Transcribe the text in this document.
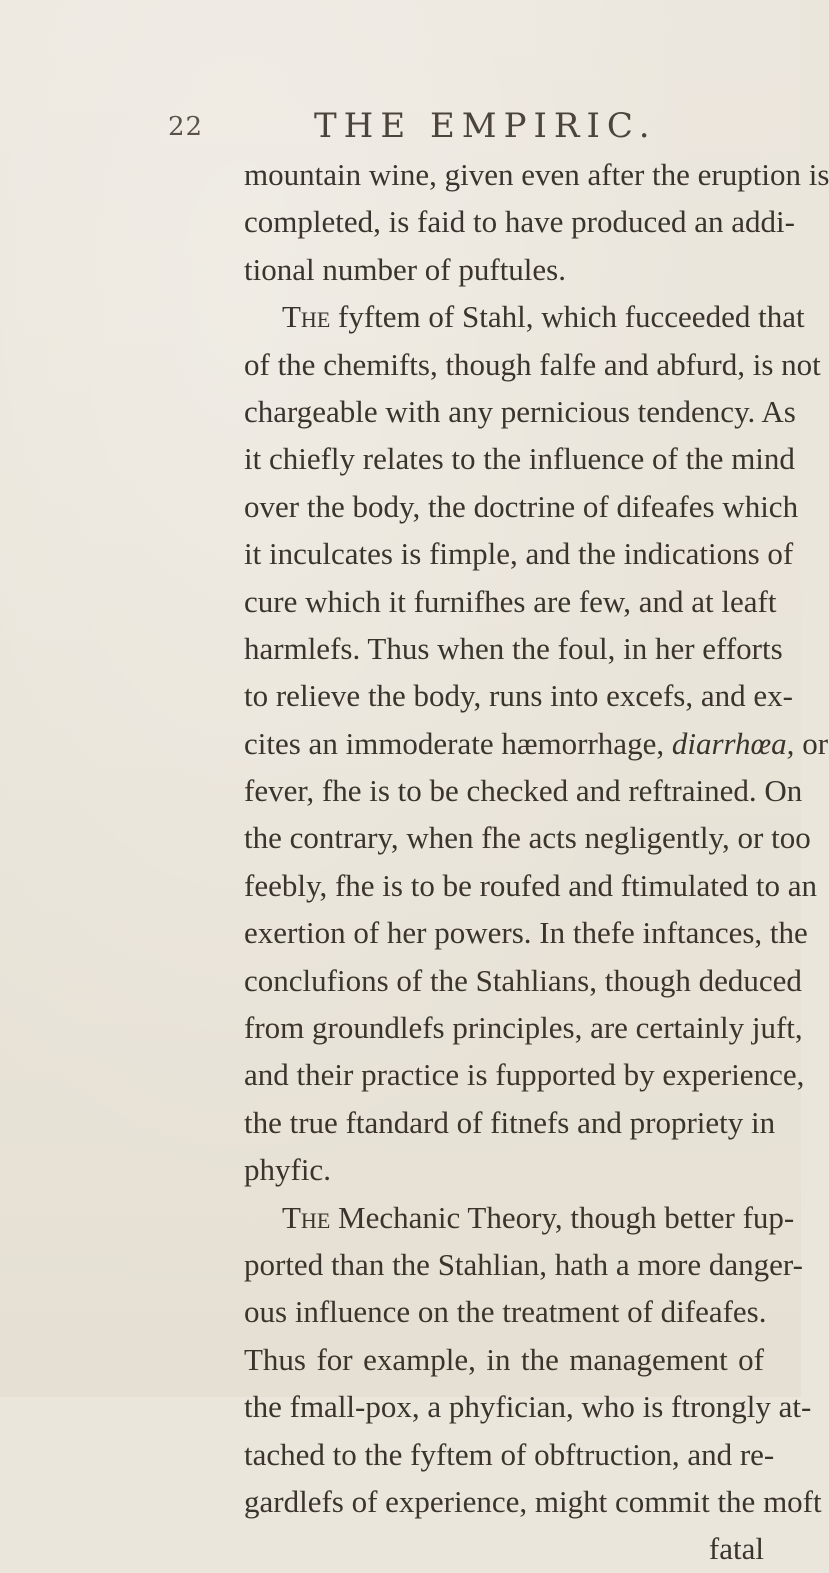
22	THE EMPIRIC.
mountain wine, given even after the eruption is
completed, is faid to have produced an addi-
tional number of puftules.
The fyftem of Stahl, which fucceeded that
of the chemifts, though falfe and abfurd, is not
chargeable with any pernicious tendency. As
it chiefly relates to the influence of the mind
over the body, the doctrine of difeafes which
it inculcates is fimple, and the indications of
cure which it furnifhes are few, and at leaft
harmlefs. Thus when the foul, in her efforts
to relieve the body, runs into excefs, and ex-
cites an immoderate hæmorrhage, diarrhœa, or
fever, fhe is to be checked and reftrained. On
the contrary, when fhe acts negligently, or too
feebly, fhe is to be roufed and ftimulated to an
exertion of her powers. In thefe inftances, the
conclufions of the Stahlians, though deduced
from groundlefs principles, are certainly juft,
and their practice is fupported by experience,
the true ftandard of fitnefs and propriety in
phyfic.
The Mechanic Theory, though better fup-
ported than the Stahlian, hath a more danger-
ous influence on the treatment of difeafes.
Thus for example, in the management of
the fmall-pox, a phyfician, who is ftrongly at-
tached to the fyftem of obftruction, and re-
gardlefs of experience, might commit the moft
fatal
